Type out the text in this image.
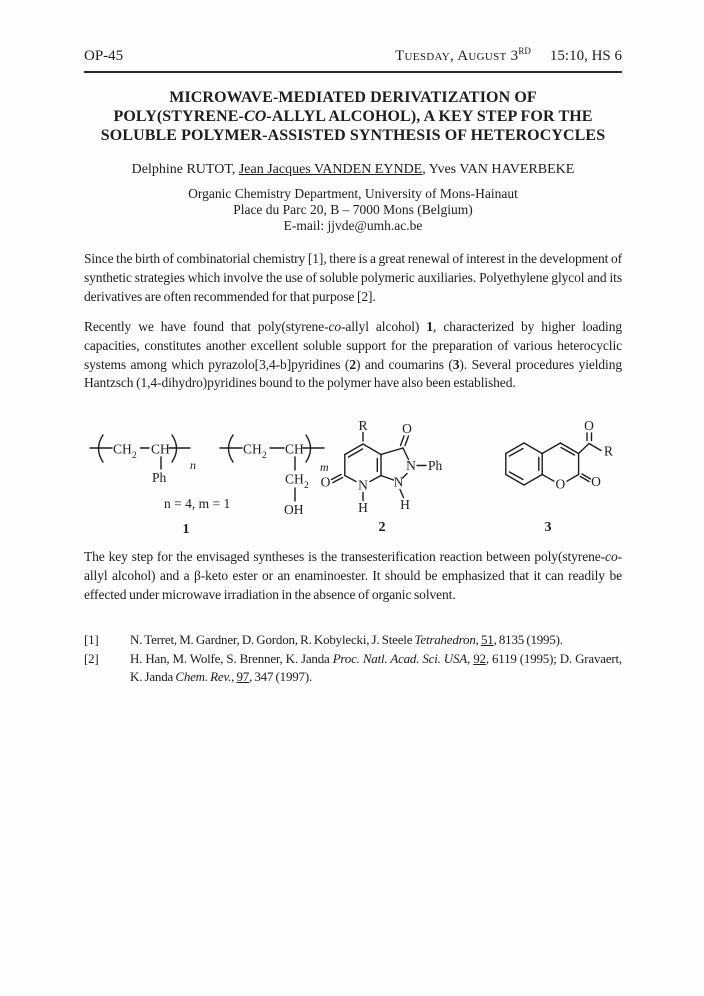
OP-45	Tuesday, August 3RD 15:10, HS 6
MICROWAVE-MEDIATED DERIVATIZATION OF
POLY(STYRENE-CO-ALLYL ALCOHOL), A KEY STEP FOR THE
SOLUBLE POLYMER-ASSISTED SYNTHESIS OF HETEROCYCLES
Delphine RUTOT, Jean Jacques VANDEN EYNDE, Yves VAN HAVERBEKE
Organic Chemistry Department, University of Mons-Hainaut
Place du Parc 20, B – 7000 Mons (Belgium)
E-mail: jjvde@umh.ac.be

Since the birth of combinatorial chemistry [1], there is a great renewal of interest in the development of synthetic strategies which involve the use of soluble polymeric auxiliaries. Polyethylene glycol and its derivatives are often recommended for that purpose [2].

Recently we have found that poly(styrene-co-allyl alcohol) 1, characterized by higher loading capacities, constitutes another excellent soluble support for the preparation of various heterocyclic systems among which pyrazolo[3,4-b]pyridines (2) and coumarins (3). Several procedures yielding Hantzsch (1,4-dihydro)pyridines bound to the polymer have also been established.

CH 2 CH
n
Ph
CH 2 CH
m
CH 2
OH
n = 4, m = 1
1
R	O
N Ph
N
H
N
H
O
2
O O
O
R
3

The key step for the envisaged syntheses is the transesterification reaction between poly(styrene-co-allyl alcohol) and a β-keto ester or an enaminoester. It should be emphasized that it can readily be effected under microwave irradiation in the absence of organic solvent.

[1]	N. Terret, M. Gardner, D. Gordon, R. Kobylecki, J. Steele Tetrahedron, 51, 8135 (1995).
[2]	H. Han, M. Wolfe, S. Brenner, K. Janda Proc. Natl. Acad. Sci. USA, 92, 6119 (1995); D. Gravaert, K. Janda Chem. Rev., 97, 347 (1997).
